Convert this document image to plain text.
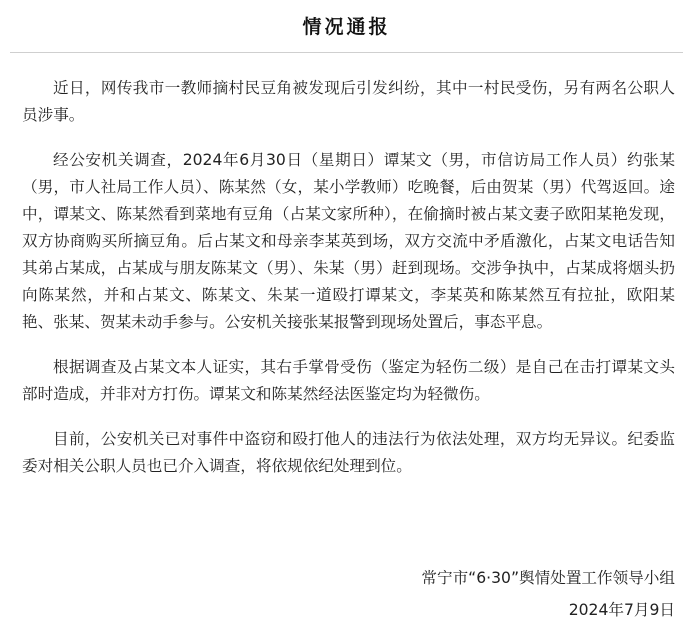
情况通报

近日，网传我市一教师摘村民豆角被发现后引发纠纷，其中一村民受伤，另有两名公职人员涉事。

经公安机关调查，2024年6月30日（星期日）谭某文（男，市信访局工作人员）约张某（男，市人社局工作人员）、陈某然（女，某小学教师）吃晚餐，后由贺某（男）代驾返回。途中，谭某文、陈某然看到菜地有豆角（占某文家所种），在偷摘时被占某文妻子欧阳某艳发现，双方协商购买所摘豆角。后占某文和母亲李某英到场，双方交流中矛盾激化，占某文电话告知其弟占某成，占某成与朋友陈某文（男）、朱某（男）赶到现场。交涉争执中，占某成将烟头扔向陈某然，并和占某文、陈某文、朱某一道殴打谭某文，李某英和陈某然互有拉扯，欧阳某艳、张某、贺某未动手参与。公安机关接张某报警到现场处置后，事态平息。

根据调查及占某文本人证实，其右手掌骨受伤（鉴定为轻伤二级）是自己在击打谭某文头部时造成，并非对方打伤。谭某文和陈某然经法医鉴定均为轻微伤。

目前，公安机关已对事件中盗窃和殴打他人的违法行为依法处理，双方均无异议。纪委监委对相关公职人员也已介入调查，将依规依纪处理到位。

常宁市“6·30”舆情处置工作领导小组
2024年7月9日
